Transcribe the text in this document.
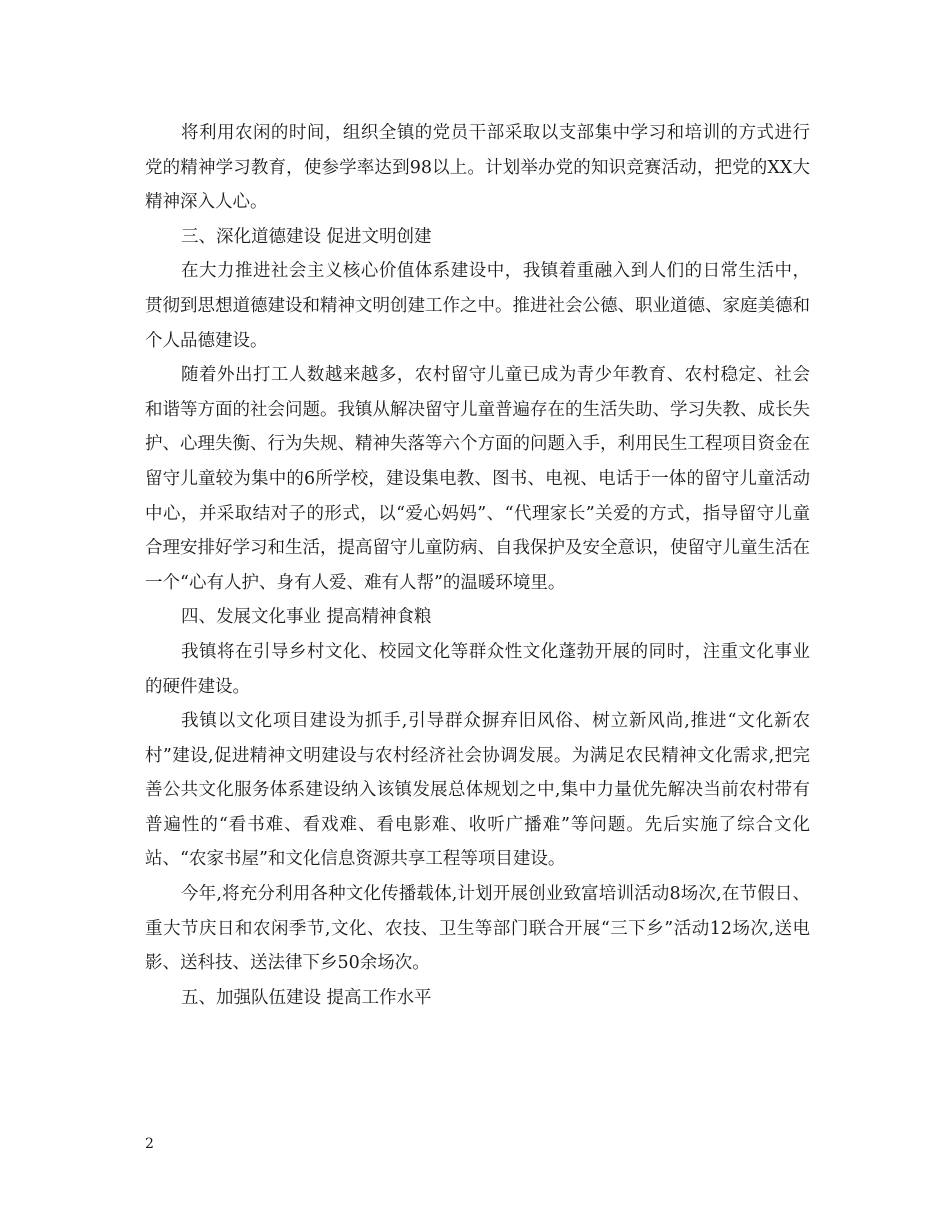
将利用农闲的时间，组织全镇的党员干部采取以支部集中学习和培训的方式进行党的精神学习教育，使参学率达到98以上。计划举办党的知识竞赛活动，把党的XX大精神深入人心。

三、深化道德建设 促进文明创建

在大力推进社会主义核心价值体系建设中，我镇着重融入到人们的日常生活中，贯彻到思想道德建设和精神文明创建工作之中。推进社会公德、职业道德、家庭美德和个人品德建设。

随着外出打工人数越来越多，农村留守儿童已成为青少年教育、农村稳定、社会和谐等方面的社会问题。我镇从解决留守儿童普遍存在的生活失助、学习失教、成长失护、心理失衡、行为失规、精神失落等六个方面的问题入手，利用民生工程项目资金在留守儿童较为集中的6所学校，建设集电教、图书、电视、电话于一体的留守儿童活动中心，并采取结对子的形式，以“爱心妈妈”、“代理家长”关爱的方式，指导留守儿童合理安排好学习和生活，提高留守儿童防病、自我保护及安全意识，使留守儿童生活在一个“心有人护、身有人爱、难有人帮”的温暖环境里。

四、发展文化事业 提高精神食粮

我镇将在引导乡村文化、校园文化等群众性文化蓬勃开展的同时，注重文化事业的硬件建设。

我镇以文化项目建设为抓手,引导群众摒弃旧风俗、树立新风尚,推进“文化新农村”建设,促进精神文明建设与农村经济社会协调发展。为满足农民精神文化需求,把完善公共文化服务体系建设纳入该镇发展总体规划之中,集中力量优先解决当前农村带有普遍性的“看书难、看戏难、看电影难、收听广播难”等问题。先后实施了综合文化站、“农家书屋”和文化信息资源共享工程等项目建设。

今年,将充分利用各种文化传播载体,计划开展创业致富培训活动8场次,在节假日、重大节庆日和农闲季节,文化、农技、卫生等部门联合开展“三下乡”活动12场次,送电影、送科技、送法律下乡50余场次。

五、加强队伍建设 提高工作水平

2
